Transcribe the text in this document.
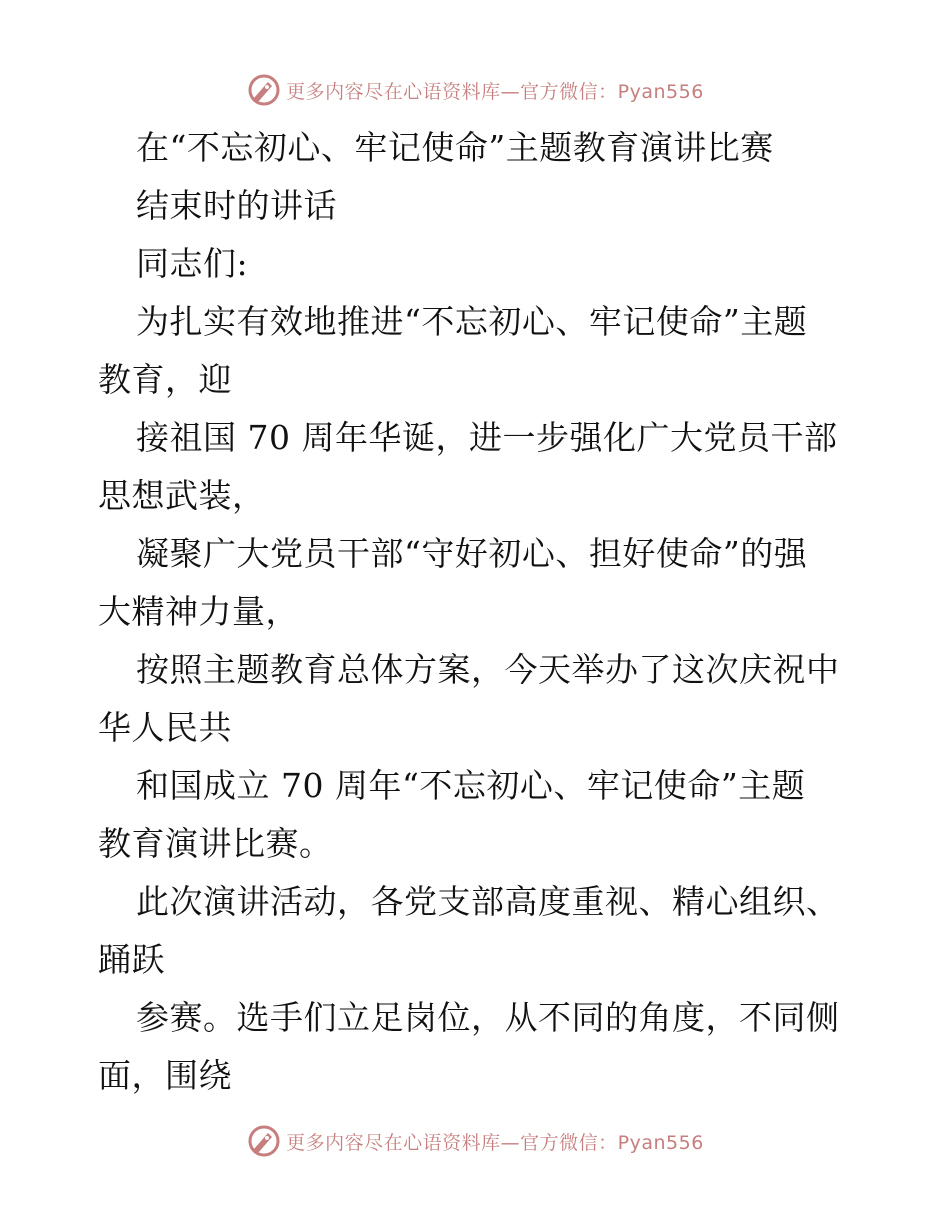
更多内容尽在心语资料库—官方微信：Pyan556
在“不忘初心、牢记使命”主题教育演讲比赛
结束时的讲话
同志们:
为扎实有效地推进“不忘初心、牢记使命”主题
教育，迎
接祖国 70 周年华诞，进一步强化广大党员干部
思想武装，
凝聚广大党员干部“守好初心、担好使命”的强
大精神力量，
按照主题教育总体方案，今天举办了这次庆祝中
华人民共
和国成立 70 周年“不忘初心、牢记使命”主题
教育演讲比赛。
此次演讲活动，各党支部高度重视、精心组织、
踊跃
参赛。选手们立足岗位，从不同的角度，不同侧
面，围绕
更多内容尽在心语资料库—官方微信：Pyan556
